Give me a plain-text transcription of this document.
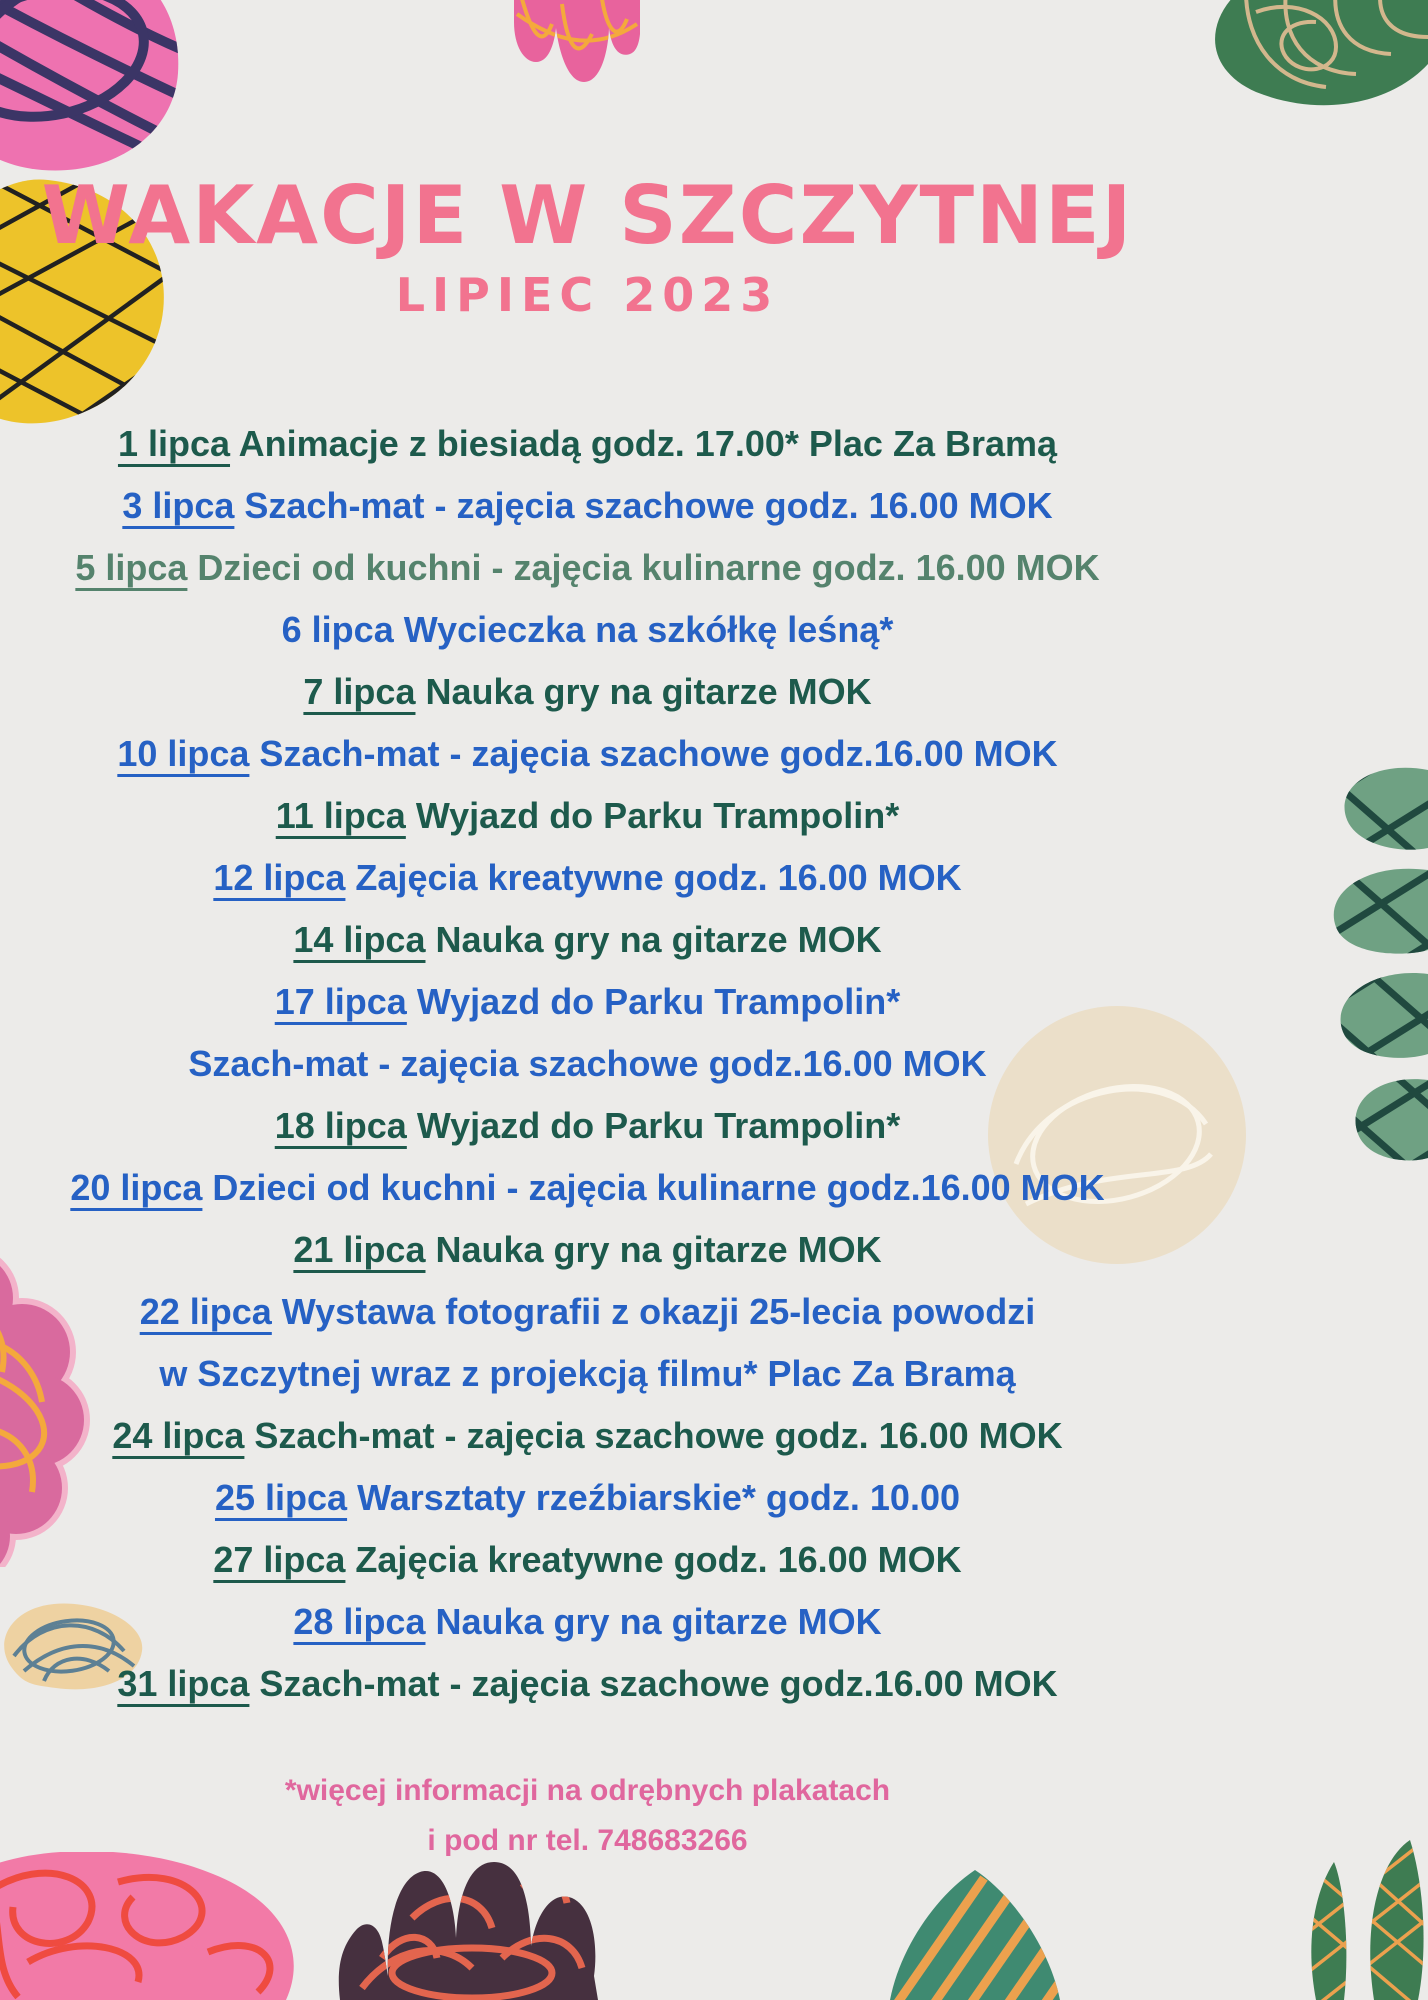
WAKACJE W SZCZYTNEJ
LIPIEC 2023
1 lipca Animacje z biesiadą godz. 17.00* Plac Za Bramą
3 lipca Szach-mat - zajęcia szachowe godz. 16.00 MOK
5 lipca Dzieci od kuchni - zajęcia kulinarne godz. 16.00 MOK
6 lipca Wycieczka na szkółkę leśną*
7 lipca Nauka gry na gitarze MOK
10 lipca Szach-mat - zajęcia szachowe godz.16.00 MOK
11 lipca Wyjazd do Parku Trampolin*
12 lipca Zajęcia kreatywne godz. 16.00 MOK
14 lipca Nauka gry na gitarze MOK
17 lipca Wyjazd do Parku Trampolin*
Szach-mat - zajęcia szachowe godz.16.00 MOK
18 lipca Wyjazd do Parku Trampolin*
20 lipca Dzieci od kuchni - zajęcia kulinarne godz.16.00 MOK
21 lipca Nauka gry na gitarze MOK
22 lipca Wystawa fotografii z okazji 25-lecia powodzi
w Szczytnej wraz z projekcją filmu* Plac Za Bramą
24 lipca Szach-mat - zajęcia szachowe godz. 16.00 MOK
25 lipca Warsztaty rzeźbiarskie* godz. 10.00
27 lipca Zajęcia kreatywne godz. 16.00 MOK
28 lipca Nauka gry na gitarze MOK
31 lipca Szach-mat - zajęcia szachowe godz.16.00 MOK
*więcej informacji na odrębnych plakatach
i pod nr tel. 748683266
